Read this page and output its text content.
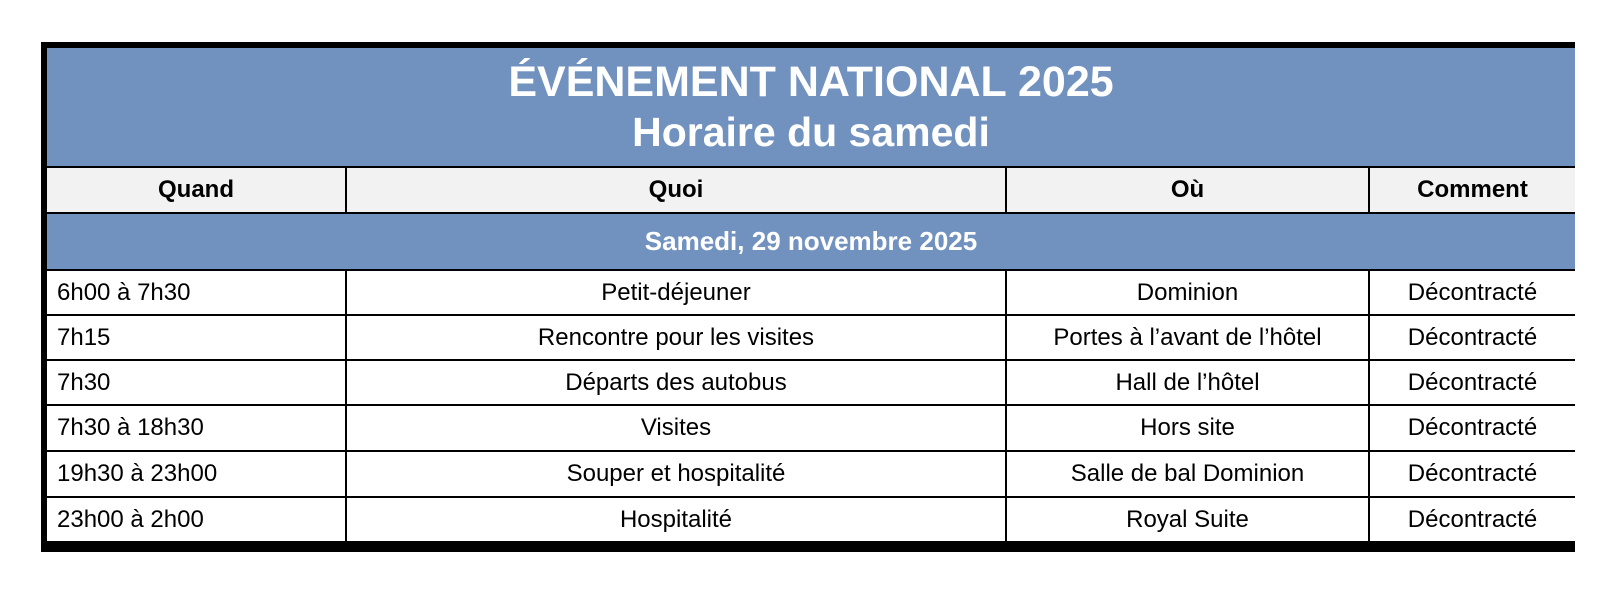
ÉVÉNEMENT NATIONAL 2025
Horaire du samedi
Quand	Quoi	Où	Comment
Samedi, 29 novembre 2025
6h00 à 7h30	Petit-déjeuner	Dominion	Décontracté
7h15	Rencontre pour les visites	Portes à l’avant de l’hôtel	Décontracté
7h30	Départs des autobus	Hall de l’hôtel	Décontracté
7h30 à 18h30	Visites	Hors site	Décontracté
19h30 à 23h00	Souper et hospitalité	Salle de bal Dominion	Décontracté
23h00 à 2h00	Hospitalité	Royal Suite	Décontracté
